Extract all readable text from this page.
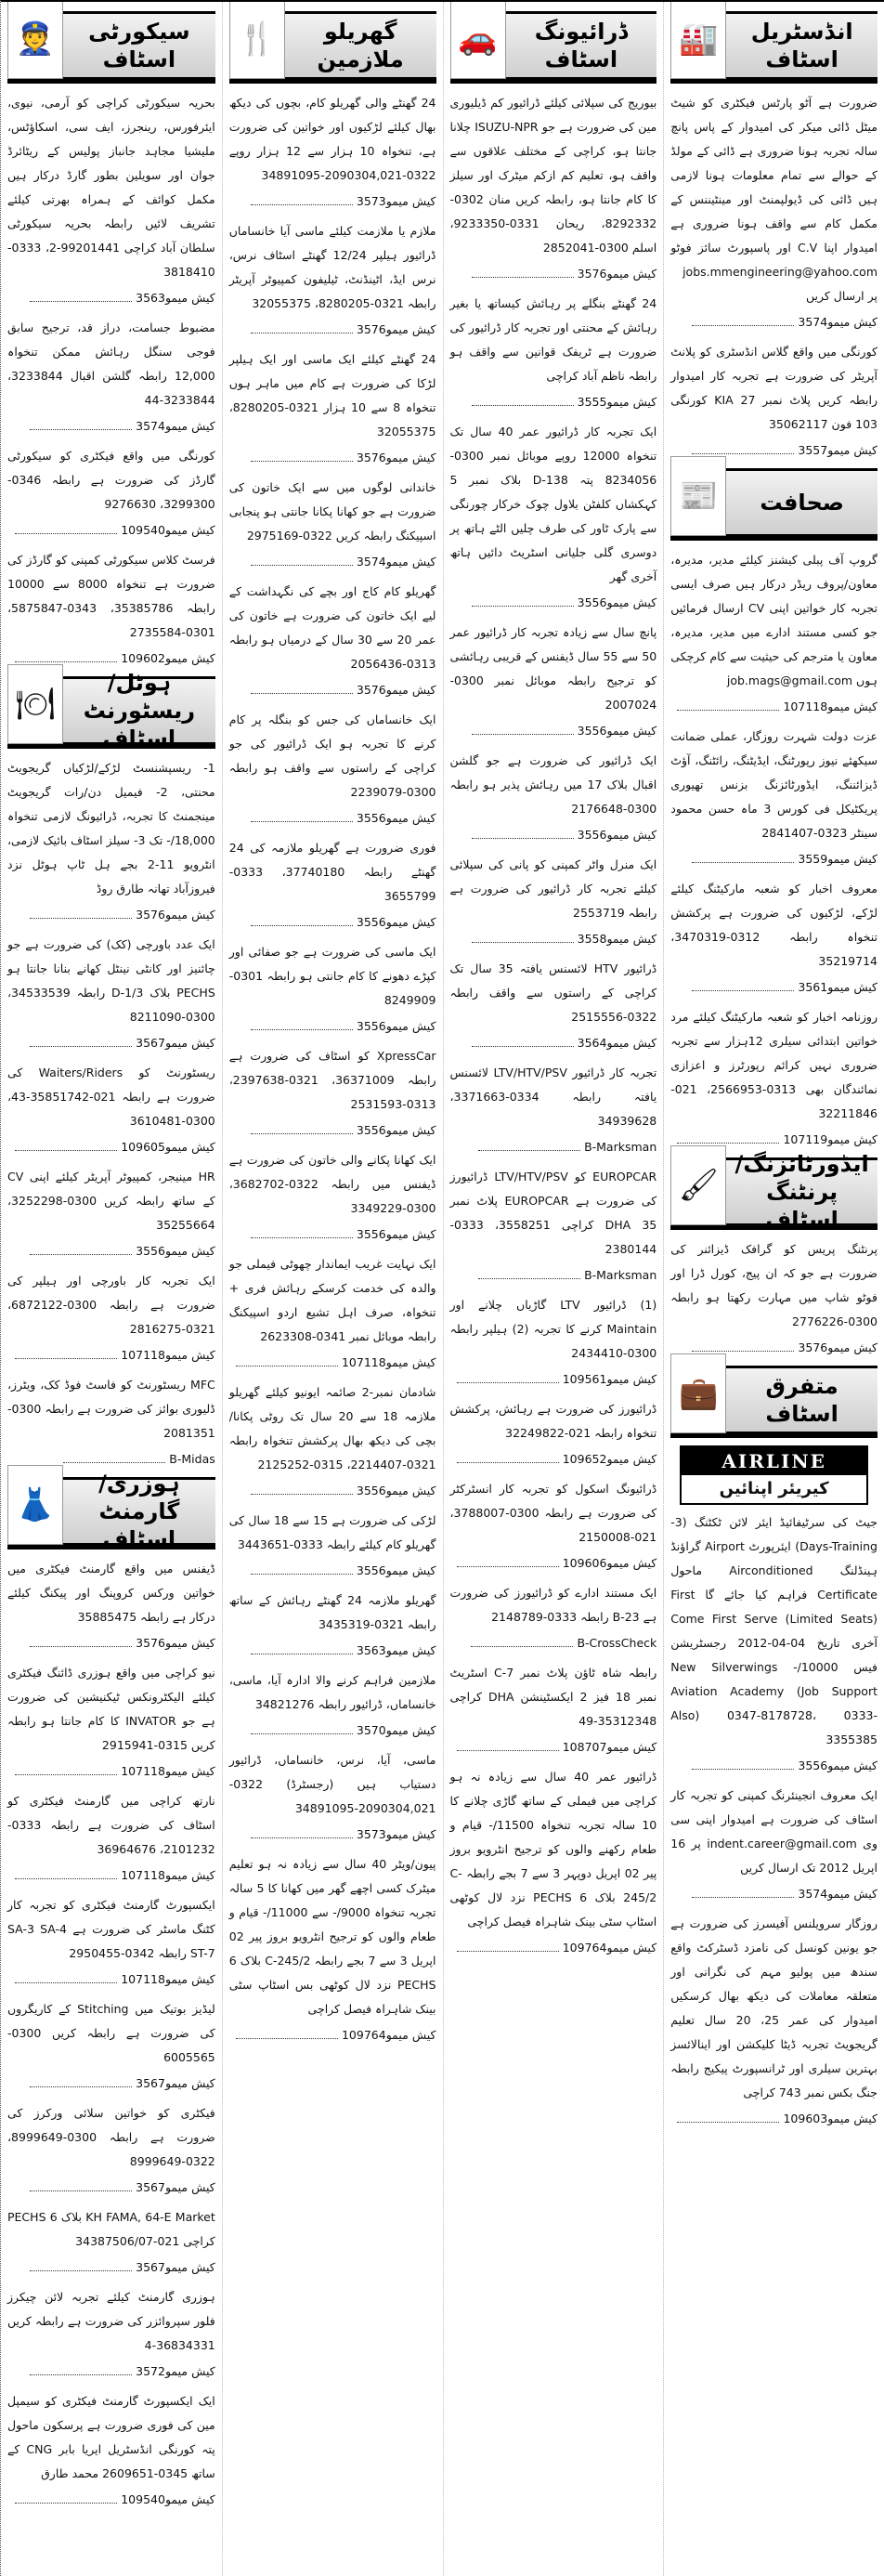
انڈسٹریل اسٹاف
🏭

ضرورت ہے آٹو پارٹس فیکٹری کو شیٹ میٹل ڈائی میکر کی امیدوار کے پاس پانچ سالہ تجربہ ہونا ضروری ہے ڈائی کے مولڈ کے حوالے سے تمام معلومات ہونا لازمی ہیں ڈائی کی ڈیولپمنٹ اور مینٹیننس کے مکمل کام سے واقف ہونا ضروری ہے امیدوار اپنا C.V اور پاسپورٹ سائز فوٹو jobs.mmengineering@yahoo.com پر ارسال کریں

کیش میمو
3574

کورنگی میں واقع گلاس انڈسٹری کو پلانٹ آپریٹر کی ضرورت ہے تجربہ کار امیدوار رابطہ کریں پلاٹ نمبر 27 KIA کورنگی 103 فون 35062117

کیش میمو
3557
صحافت
📰

گروپ آف پبلی کیشنز کیلئے مدیر، مدیرہ، معاون/پروف ریڈر درکار ہیں صرف ایسی تجربہ کار خواتین اپنی CV ارسال فرمائیں جو کسی مستند ادارے میں مدیر، مدیرہ، معاون یا مترجم کی حیثیت سے کام کرچکی ہوں job.mags@gmail.com

کیش میمو
107118

عزت دولت شہرت روزگار، عملی ضمانت سیکھئے نیوز رپورٹنگ، ایڈیٹنگ، رائٹنگ، آؤٹ ڈیزائننگ، ایڈورٹائزنگ بزنس تھیوری پریکٹیکل فی کورس 3 ماہ حسن محمود سینٹر 0323-2841407

کیش میمو
3559

معروف اخبار کو شعبہ مارکیٹنگ کیلئے لڑکے، لڑکیوں کی ضرورت ہے پرکشش تنخواہ رابطہ 0312-3470319، 35219714

کیش میمو
3561

روزنامہ اخبار کو شعبہ مارکیٹنگ کیلئے مرد خواتین ابتدائی سیلری 12ہزار سے تجربہ ضروری نہیں کرائم رپورٹرز و اعزازی نمائندگان بھی 0313-2566953، 021-32211846

کیش میمو
107119
ایڈورٹائزنگ/ پرنٹنگ اسٹاف
🖌

پرنٹنگ پریس کو گرافک ڈیزائنر کی ضرورت ہے جو کہ ان پیج، کورل ڈرا اور فوٹو شاپ میں مہارت رکھتا ہو رابطہ 0300-2776226

کیش میمو
3576
متفرق اسٹاف
💼
AIRLINE
کیریئر اپنائیں

جیٹ کی سرٹیفائیڈ ایئر لائن ٹکٹنگ (3-Days-Training) ایئرپورٹ Airport گراؤنڈ ہینڈلنگ Airconditioned ماحول Certificate فراہم کیا جائے گا First Come First Serve (Limited Seats) آخری تاریخ 04-04-2012 رجسٹریشن فیس 10000/- New Silverwings Aviation Academy (Job Support Also) 0347-8178728، 0333-3355385

کیش میمو
3556

ایک معروف انجینئرنگ کمپنی کو تجربہ کار اسٹاف کی ضرورت ہے امیدوار اپنی سی وی indent.career@gmail.com پر 16 اپریل 2012 تک ارسال کریں

کیش میمو
3574

روزگار سرویلنس آفیسرز کی ضرورت ہے جو یونین کونسل کی نامزد ڈسٹرکٹ واقع سندھ میں پولیو مہم کی نگرانی اور متعلقہ معاملات کی دیکھ بھال کرسکیں امیدوار کی عمر 25، 20 سال تعلیم گریجویٹ تجربہ ڈیٹا کلیکشن اور اینالائسز بہترین سیلری اور ٹرانسپورٹ پیکیج رابطہ جنگ بکس نمبر 743 کراچی

کیش میمو
109603
ڈرائیونگ اسٹاف
🚗

بیوریج کی سپلائی کیلئے ڈرائیور کم ڈیلیوری مین کی ضرورت ہے جو ISUZU-NPR چلانا جانتا ہو، کراچی کے مختلف علاقوں سے واقف ہو، تعلیم کم ازکم میٹرک اور سیلز کا کام جانتا ہو، رابطہ کریں منان 0302-8292332، ریحان 0331-9233350، اسلم 0300-2852041

کیش میمو
3576

24 گھنٹے بنگلے پر رہائش کیساتھ یا بغیر رہائش کے محنتی اور تجربہ کار ڈرائیور کی ضرورت ہے ٹریفک قوانین سے واقف ہو رابطہ ناظم آباد کراچی

کیش میمو
3555

ایک تجربہ کار ڈرائیور عمر 40 سال تک تنخواہ 12000 روپے موبائل نمبر 0300-8234056 پتہ D-138 بلاک نمبر 5 کہکشاں کلفٹن بلاول چوک خرکار چورنگی سے پارک ٹاور کی طرف چلیں الٹے ہاتھ پر دوسری گلی جلیانی اسٹریٹ دائیں ہاتھ آخری گھر

کیش میمو
3556

پانچ سال سے زیادہ تجربہ کار ڈرائیور عمر 50 سے 55 سال ڈیفنس کے قریبی رہائشی کو ترجیح رابطہ موبائل نمبر 0300-2007024

کیش میمو
3556

ایک ڈرائیور کی ضرورت ہے جو گلشن اقبال بلاک 17 میں رہائش پذیر ہو رابطہ 0300-2176648

کیش میمو
3556

ایک منرل واٹر کمپنی کو پانی کی سپلائی کیلئے تجربہ کار ڈرائیور کی ضرورت ہے رابطہ 2553719

کیش میمو
3558

ڈرائیور HTV لائسنس یافتہ 35 سال تک کراچی کے راستوں سے واقف رابطہ 0322-2515556

کیش میمو
3564

تجربہ کار ڈرائیور LTV/HTV/PSV لائسنس یافتہ رابطہ 0334-3371663، 34939628

B-Marksman

EUROPCAR کو LTV/HTV/PSV ڈرائیورز کی ضرورت ہے EUROPCAR پلاٹ نمبر 35 DHA کراچی 3558251، 0333-2380144

B-Marksman

(1) ڈرائیور LTV گاڑیاں چلانے اور Maintain کرنے کا تجربہ (2) ہیلپر رابطہ 0300-2434410

کیش میمو
109561

ڈرائیورز کی ضرورت ہے رہائش، پرکشش تنخواہ رابطہ 021-32249822

کیش میمو
109652

ڈرائیونگ اسکول کو تجربہ کار انسٹرکٹر کی ضرورت ہے رابطہ 0300-3788007، 021-2150008

کیش میمو
109606

ایک مستند ادارے کو ڈرائیورز کی ضرورت ہے B-23 رابطہ 0333-2148789

B-CrossCheck

رابطہ شاہ ٹاؤن پلاٹ نمبر C-7 اسٹریٹ نمبر 18 فیز 2 ایکسٹینشن DHA کراچی 35312348-49

کیش میمو
108707

ڈرائیور عمر 40 سال سے زیادہ نہ ہو کراچی میں فیملی کے ساتھ گاڑی چلانے کا 10 سالہ تجربہ تنخواہ 11500/- قیام و طعام رکھنے والوں کو ترجیح انٹرویو بروز پیر 02 اپریل دوپہر 3 سے 7 بجے رابطہ C-245/2 بلاک 6 PECHS نزد لال کوٹھی اسٹاپ سٹی بینک شاہراہ فیصل کراچی

کیش میمو
109764
گھریلو ملازمین
🍴

24 گھنٹے والی گھریلو کام، بچوں کی دیکھ بھال کیلئے لڑکیوں اور خواتین کی ضرورت ہے، تنخواہ 10 ہزار سے 12 ہزار روپے 0322-2090304,021-34891095

کیش میمو
3573

ملازم یا ملازمت کیلئے ماسی آیا خانساماں ڈرائیور ہیلپر 12/24 گھنٹے اسٹاف نرس، نرس ایڈ، اٹینڈنٹ، ٹیلیفون کمپیوٹر آپریٹر رابطہ 0321-8280205، 32055375

کیش میمو
3576

24 گھنٹے کیلئے ایک ماسی اور ایک ہیلپر لڑکا کی ضرورت ہے کام میں ماہر ہوں تنخواہ 8 سے 10 ہزار 0321-8280205، 32055375

کیش میمو
3576

خاندانی لوگوں میں سے ایک خاتون کی ضرورت ہے جو کھانا پکانا جانتی ہو پنجابی اسپیکنگ رابطہ کریں 0322-2975169

کیش میمو
3574

گھریلو کام کاج اور بچے کی نگہداشت کے لیے ایک خاتون کی ضرورت ہے خاتون کی عمر 20 سے 30 سال کے درمیاں ہو رابطہ 0313-2056436

کیش میمو
3576

ایک خانساماں کی جس کو بنگلہ پر کام کرنے کا تجربہ ہو ایک ڈرائیور کی جو کراچی کے راستوں سے واقف ہو رابطہ 0300-2239079

کیش میمو
3556

فوری ضرورت ہے گھریلو ملازمہ کی 24 گھنٹے رابطہ 37740180، 0333-3655799

کیش میمو
3556

ایک ماسی کی ضرورت ہے جو صفائی اور کپڑے دھونے کا کام جانتی ہو رابطہ 0301-8249909

کیش میمو
3556

XpressCar کو اسٹاف کی ضرورت ہے رابطہ 36371009، 0321-2397638، 0313-2531593

کیش میمو
3556

ایک کھانا پکانے والی خاتون کی ضرورت ہے ڈیفنس میں رابطہ 0322-3682702، 0300-3349229

کیش میمو
3556

ایک نہایت غریب ایماندار چھوٹی فیملی جو والدہ کی خدمت کرسکے رہائش فری + تنخواہ، صرف اہل تشیع اردو اسپیکنگ رابطہ موبائل نمبر 0341-2623308

کیش میمو
107118

شادمان نمبر-2 صائمہ ایونیو کیلئے گھریلو ملازمہ 18 سے 20 سال تک روٹی پکانا/بچی کی دیکھ بھال پرکشش تنخواہ رابطہ 0321-2214407، 0315-2125252

کیش میمو
3556

لڑکی کی ضرورت ہے 15 سے 18 سال کی گھریلو کام کیلئے رابطہ 0333-3443651

کیش میمو
3556

گھریلو ملازمہ 24 گھنٹے رہائش کے ساتھ رابطہ 0321-3435319

کیش میمو
3563

ملازمین فراہم کرنے والا ادارہ آیا، ماسی، خانساماں، ڈرائیور رابطہ 34821276

کیش میمو
3570

ماسی، آیا، نرس، خانساماں، ڈرائیور دستیاب ہیں (رجسٹرڈ) 0322-2090304,021-34891095

کیش میمو
3573

پیون/ویٹر 40 سال سے زیادہ نہ ہو تعلیم میٹرک کسی اچھے گھر میں کھانا کا 5 سالہ تجربہ تنخواہ 9000/- سے 11000/- قیام و طعام والوں کو ترجیح انٹرویو بروز پیر 02 اپریل 3 سے 7 بجے رابطہ C-245/2 بلاک 6 PECHS نزد لال کوٹھی بس اسٹاپ سٹی بینک شاہراہ فیصل کراچی

کیش میمو
109764
سیکورٹی اسٹاف
👮

بحریہ سیکورٹی کراچی کو آرمی، نیوی، ایئرفورس، رینجرز، ایف سی، اسکاؤٹس، ملیشیا مجاہد جانباز پولیس کے ریٹائرڈ جوان اور سویلین بطور گارڈ درکار ہیں مکمل کوائف کے ہمراہ بھرتی کیلئے تشریف لائیں رابطہ بحریہ سیکورٹی سلطان آباد کراچی 99201441-2، 0333-3818410

کیش میمو
3563

مضبوط جسامت، دراز قد، ترجیح سابق فوجی سنگل رہائش ممکن تنخواہ 12,000 رابطہ گلشن اقبال 3233844، 3233844-44

کیش میمو
3574

کورنگی میں واقع فیکٹری کو سیکورٹی گارڈز کی ضرورت ہے رابطہ 0346-3299300، 9276630

کیش میمو
109540

فرسٹ کلاس سیکورٹی کمپنی کو گارڈز کی ضرورت ہے تنخواہ 8000 سے 10000 رابطہ 35385786، 0343-5875847، 0301-2735584

کیش میمو
109602
ہوٹل/ ریسٹورنٹ اسٹاف
🍽

1- ریسپشنسٹ لڑکے/لڑکیاں گریجویٹ محنتی، 2- فیمیل دن/رات گریجویٹ مینجمنٹ کا تجربہ، ڈرائیونگ لازمی تنخواہ 18,000/- تک 3- سیلز اسٹاف بائیک لازمی، انٹرویو 11-2 بجے ہل ٹاپ ہوٹل نزد فیروزآباد تھانہ طارق روڈ

کیش میمو
3576

ایک عدد باورچی (کک) کی ضرورت ہے جو چائنیز اور کانٹی نینٹل کھانے بنانا جانتا ہو PECHS بلاک D-1/3 رابطہ 34533539، 0300-8211090

کیش میمو
3567

ریسٹورنٹ کو Waiters/Riders کی ضرورت ہے رابطہ 021-35851742-43، 0300-3610481

کیش میمو
109605

HR مینیجر، کمپیوٹر آپریٹر کیلئے اپنی CV کے ساتھ رابطہ کریں 0300-3252298، 35255664

کیش میمو
3556

ایک تجربہ کار باورچی اور ہیلپر کی ضرورت ہے رابطہ 0300-6872122، 0321-2816275

کیش میمو
107118

MFC ریسٹورنٹ کو فاسٹ فوڈ کک، ویٹرز، ڈلیوری بوائز کی ضرورت ہے رابطہ 0300-2081351

B-Midas
ہوزری/گارمنٹ اسٹاف
👗

ڈیفنس میں واقع گارمنٹ فیکٹری میں خواتین ورکس کروپنگ اور پیکنگ کیلئے درکار ہے رابطہ 35885475

کیش میمو
3576

نیو کراچی میں واقع ہوزری ڈائنگ فیکٹری کیلئے الیکٹرونکس ٹیکنیشین کی ضرورت ہے جو INVATOR کا کام جانتا ہو رابطہ کریں 0315-2915941

کیش میمو
107118

نارتھ کراچی میں گارمنٹ فیکٹری کو اسٹاف کی ضرورت ہے رابطہ 0333-2101232، 36964676

کیش میمو
107118

ایکسپورٹ گارمنٹ فیکٹری کو تجربہ کار کٹنگ ماسٹر کی ضرورت ہے SA-3 SA-4 ST-7 رابطہ 0342-2950455

کیش میمو
107118

لیڈیز بوتیک میں Stitching کے کاریگروں کی ضرورت ہے رابطہ کریں 0300-6005565

کیش میمو
3567

فیکٹری کو خواتین سلائی ورکرز کی ضرورت ہے رابطہ 0300-8999649، 0322-8999649

کیش میمو
3567

KH FAMA, 64-E Market بلاک 6 PECHS کراچی 021-34387506/07

کیش میمو
3567

ہوزری گارمنٹ کیلئے تجربہ لائن چیکرز فلور سپروائزر کی ضرورت ہے رابطہ کریں 36834331-4

کیش میمو
3572

ایک ایکسپورٹ گارمنٹ فیکٹری کو سیمپل مین کی فوری ضرورت ہے پرسکون ماحول پتہ کورنگی انڈسٹریل ایریا بابر CNG کے ساتھ 0345-2609651 محمد طارق

کیش میمو
109540
